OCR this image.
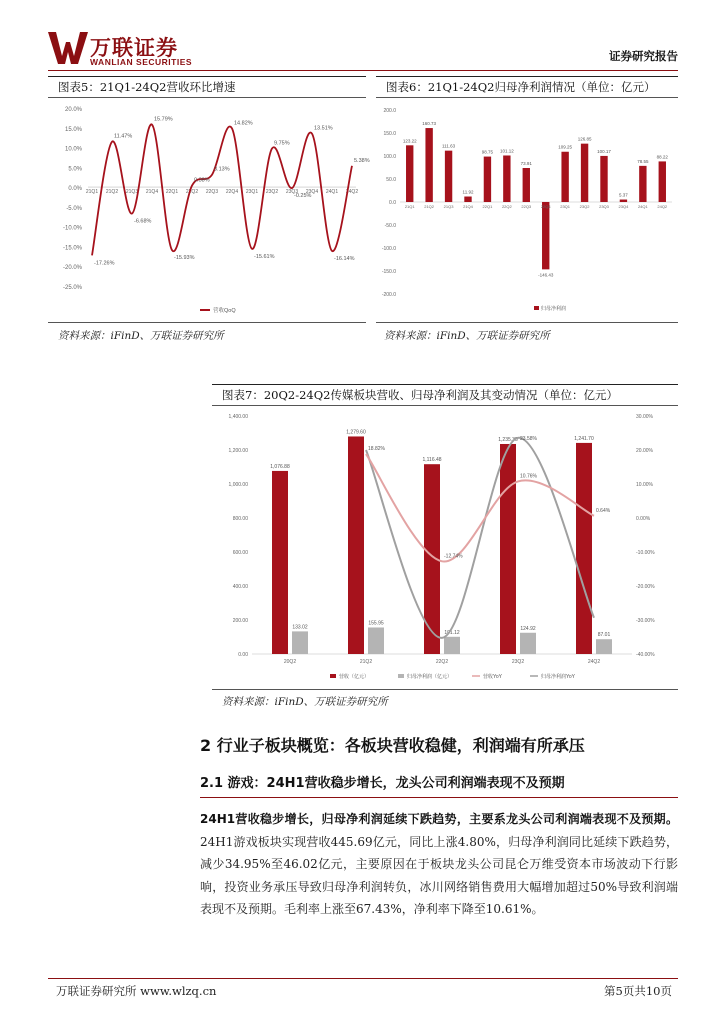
万联证券
WANLIAN SECURITIES	证券研究报告
图表5：21Q1-24Q2营收环比增速
20.0%
15.0%
10.0%
5.0%
0.0%
-5.0%
-10.0%
-15.0%
-20.0%
-25.0%
21Q1 21Q2 21Q3 21Q4 22Q1 22Q2 22Q3 22Q4 23Q1 23Q2 23Q3 23Q4 24Q1 24Q2
-17.26%
11.47%
-6.68%
15.79%
-15.93%
0.38%
3.13%
14.82%
-15.61%
9.75%
-0.25%
13.51%
-16.14%
5.38%
营收QoQ
资料来源：iFinD、万联证券研究所
图表6：21Q1-24Q2归母净利润情况（单位：亿元）
200.0
150.0
100.0
50.0
0.0
-50.0
-100.0
-150.0
-200.0
123.22
21Q1
160.73
21Q2
111.63
21Q3
11.92
21Q4
98.75
22Q1
101.12
22Q2
73.91
22Q3
-146.43
22Q4
109.25
23Q1
126.85
23Q2
100.17
23Q3
5.37
23Q4
78.55
24Q1
88.22
24Q2
归母净利润
资料来源：iFinD、万联证券研究所
图表7：20Q2-24Q2传媒板块营收、归母净利润及其变动情况（单位：亿元）
1,400.00
1,200.00
1,000.00
800.00
600.00
400.00
200.00
0.00
30.00%
20.00%
10.00%
0.00%
-10.00%
-20.00%
-30.00%
-40.00%
1,076.88
1,279.60
1,116.48
1,235.35	1,241.70
133.02
155.95
101.12
124.92
87.01
20Q2	21Q2	22Q2	23Q2	24Q2
18.82%
-12.74%
10.76%
0.64%
23.58%
营收（亿元）	归母净利润（亿元）	营收YoY	归母净利润YoY
资料来源：iFinD、万联证券研究所
2 行业子板块概览：各板块营收稳健，利润端有所承压
2.1 游戏：24H1营收稳步增长，龙头公司利润端表现不及预期
24H1营收稳步增长，归母净利润延续下跌趋势，主要系龙头公司利润端表现不及预期。24H1游戏板块实现营收445.69亿元，同比上涨4.80%，归母净利润同比延续下跌趋势，减少34.95%至46.02亿元，主要原因在于板块龙头公司昆仑万维受资本市场波动下行影响，投资业务承压导致归母净利润转负，冰川网络销售费用大幅增加超过50%导致利润端表现不及预期。毛利率上涨至67.43%，净利率下降至10.61%。
万联证券研究所 www.wlzq.cn	第5页共10页
